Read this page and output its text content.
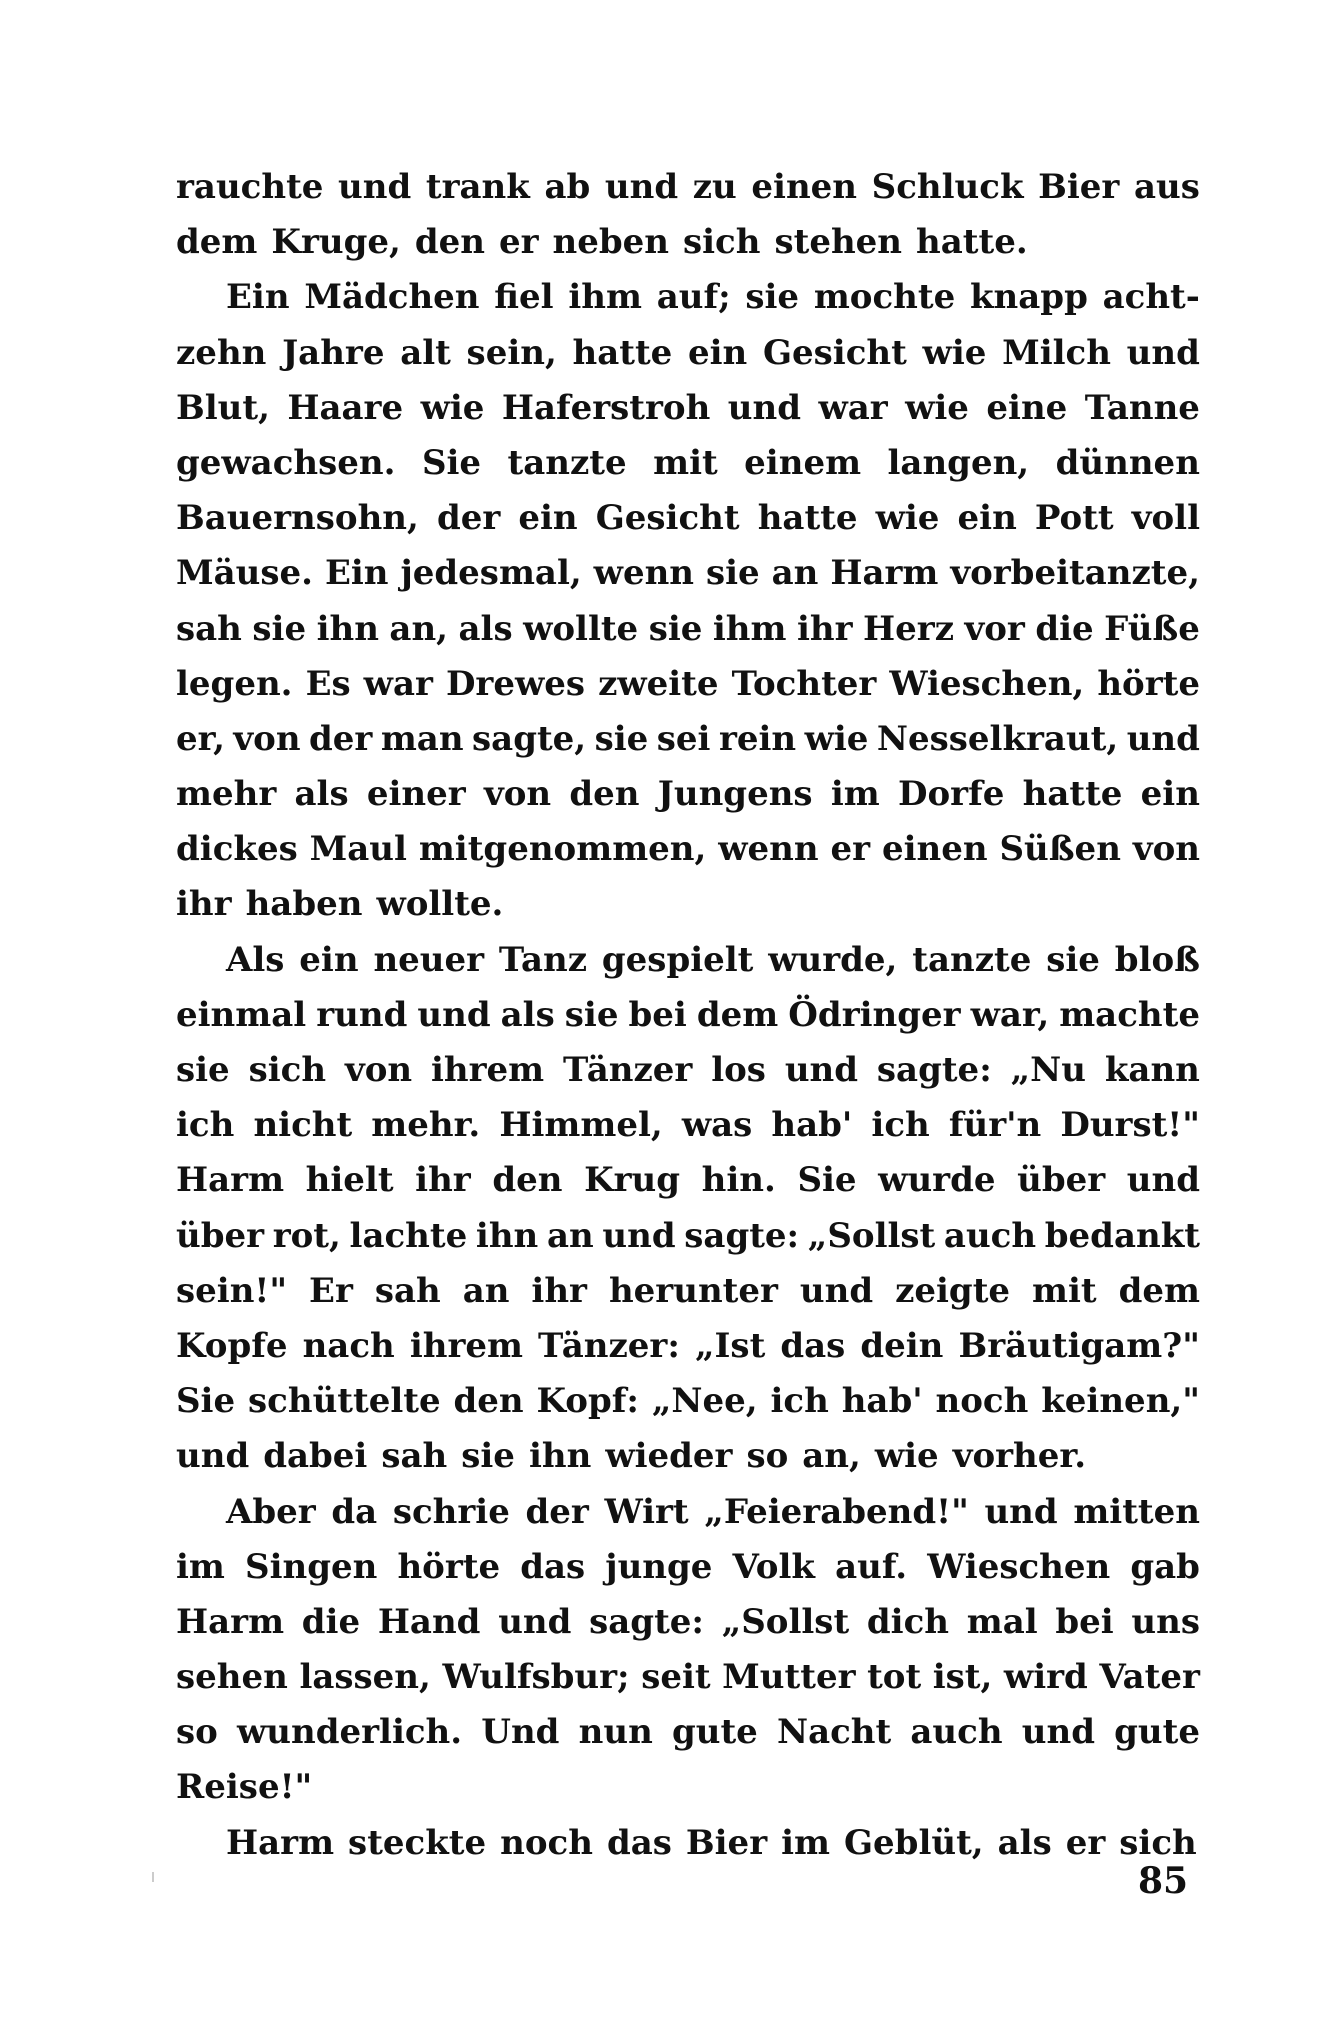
rauchte und trank ab und zu einen Schluck Bier aus
dem Kruge, den er neben sich stehen hatte.
Ein Mädchen fiel ihm auf; sie mochte knapp acht-
zehn Jahre alt sein, hatte ein Gesicht wie Milch und
Blut, Haare wie Haferstroh und war wie eine Tanne
gewachsen. Sie tanzte mit einem langen, dünnen
Bauernsohn, der ein Gesicht hatte wie ein Pott voll
Mäuse. Ein jedesmal, wenn sie an Harm vorbeitanzte,
sah sie ihn an, als wollte sie ihm ihr Herz vor die Füße
legen. Es war Drewes zweite Tochter Wieschen, hörte
er, von der man sagte, sie sei rein wie Nesselkraut, und
mehr als einer von den Jungens im Dorfe hatte ein
dickes Maul mitgenommen, wenn er einen Süßen von
ihr haben wollte.
Als ein neuer Tanz gespielt wurde, tanzte sie bloß
einmal rund und als sie bei dem Ödringer war, machte
sie sich von ihrem Tänzer los und sagte: „Nu kann
ich nicht mehr. Himmel, was hab' ich für'n Durst!"
Harm hielt ihr den Krug hin. Sie wurde über und
über rot, lachte ihn an und sagte: „Sollst auch bedankt
sein!" Er sah an ihr herunter und zeigte mit dem
Kopfe nach ihrem Tänzer: „Ist das dein Bräutigam?"
Sie schüttelte den Kopf: „Nee, ich hab' noch keinen,"
und dabei sah sie ihn wieder so an, wie vorher.
Aber da schrie der Wirt „Feierabend!" und mitten
im Singen hörte das junge Volk auf. Wieschen gab
Harm die Hand und sagte: „Sollst dich mal bei uns
sehen lassen, Wulfsbur; seit Mutter tot ist, wird Vater
so wunderlich. Und nun gute Nacht auch und gute
Reise!"
Harm steckte noch das Bier im Geblüt, als er sich
85
